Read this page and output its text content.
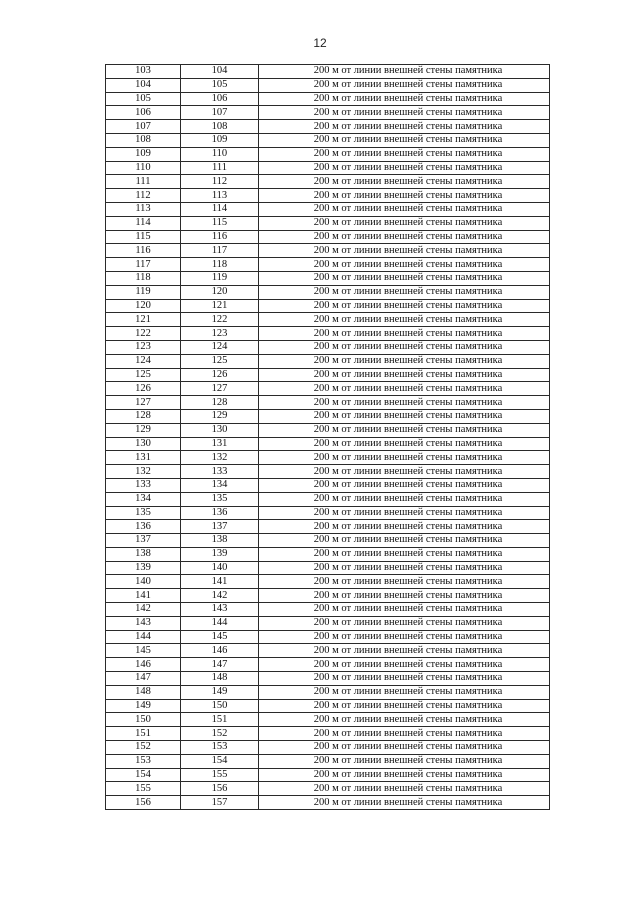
12
103	104	200 м от линии внешней стены памятника
104	105	200 м от линии внешней стены памятника
105	106	200 м от линии внешней стены памятника
106	107	200 м от линии внешней стены памятника
107	108	200 м от линии внешней стены памятника
108	109	200 м от линии внешней стены памятника
109	110	200 м от линии внешней стены памятника
110	111	200 м от линии внешней стены памятника
111	112	200 м от линии внешней стены памятника
112	113	200 м от линии внешней стены памятника
113	114	200 м от линии внешней стены памятника
114	115	200 м от линии внешней стены памятника
115	116	200 м от линии внешней стены памятника
116	117	200 м от линии внешней стены памятника
117	118	200 м от линии внешней стены памятника
118	119	200 м от линии внешней стены памятника
119	120	200 м от линии внешней стены памятника
120	121	200 м от линии внешней стены памятника
121	122	200 м от линии внешней стены памятника
122	123	200 м от линии внешней стены памятника
123	124	200 м от линии внешней стены памятника
124	125	200 м от линии внешней стены памятника
125	126	200 м от линии внешней стены памятника
126	127	200 м от линии внешней стены памятника
127	128	200 м от линии внешней стены памятника
128	129	200 м от линии внешней стены памятника
129	130	200 м от линии внешней стены памятника
130	131	200 м от линии внешней стены памятника
131	132	200 м от линии внешней стены памятника
132	133	200 м от линии внешней стены памятника
133	134	200 м от линии внешней стены памятника
134	135	200 м от линии внешней стены памятника
135	136	200 м от линии внешней стены памятника
136	137	200 м от линии внешней стены памятника
137	138	200 м от линии внешней стены памятника
138	139	200 м от линии внешней стены памятника
139	140	200 м от линии внешней стены памятника
140	141	200 м от линии внешней стены памятника
141	142	200 м от линии внешней стены памятника
142	143	200 м от линии внешней стены памятника
143	144	200 м от линии внешней стены памятника
144	145	200 м от линии внешней стены памятника
145	146	200 м от линии внешней стены памятника
146	147	200 м от линии внешней стены памятника
147	148	200 м от линии внешней стены памятника
148	149	200 м от линии внешней стены памятника
149	150	200 м от линии внешней стены памятника
150	151	200 м от линии внешней стены памятника
151	152	200 м от линии внешней стены памятника
152	153	200 м от линии внешней стены памятника
153	154	200 м от линии внешней стены памятника
154	155	200 м от линии внешней стены памятника
155	156	200 м от линии внешней стены памятника
156	157	200 м от линии внешней стены памятника
